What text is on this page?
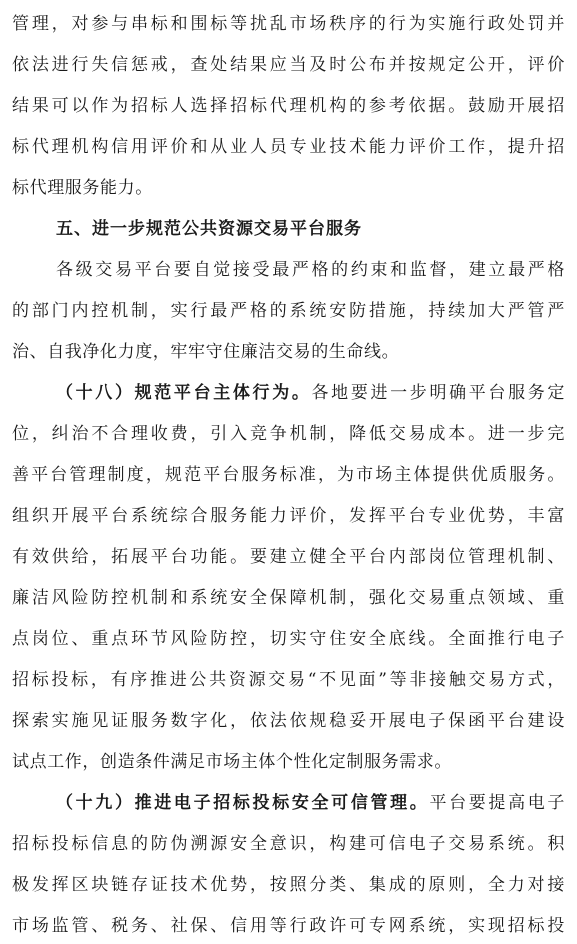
管理，对参与串标和围标等扰乱市场秩序的行为实施行政处罚并
依法进行失信惩戒，查处结果应当及时公布并按规定公开，评价
结果可以作为招标人选择招标代理机构的参考依据。鼓励开展招
标代理机构信用评价和从业人员专业技术能力评价工作，提升招
标代理服务能力。
五、进一步规范公共资源交易平台服务
各级交易平台要自觉接受最严格的约束和监督，建立最严格
的部门内控机制，实行最严格的系统安防措施，持续加大严管严
治、自我净化力度，牢牢守住廉洁交易的生命线。
（十八）规范平台主体行为。各地要进一步明确平台服务定
位，纠治不合理收费，引入竞争机制，降低交易成本。进一步完
善平台管理制度，规范平台服务标准，为市场主体提供优质服务。
组织开展平台系统综合服务能力评价，发挥平台专业优势，丰富
有效供给，拓展平台功能。要建立健全平台内部岗位管理机制、
廉洁风险防控机制和系统安全保障机制，强化交易重点领域、重
点岗位、重点环节风险防控，切实守住安全底线。全面推行电子
招标投标，有序推进公共资源交易“不见面”等非接触交易方式，
探索实施见证服务数字化，依法依规稳妥开展电子保函平台建设
试点工作，创造条件满足市场主体个性化定制服务需求。
（十九）推进电子招标投标安全可信管理。平台要提高电子
招标投标信息的防伪溯源安全意识，构建可信电子交易系统。积
极发挥区块链存证技术优势，按照分类、集成的原则，全力对接
市场监管、税务、社保、信用等行政许可专网系统，实现招标投
